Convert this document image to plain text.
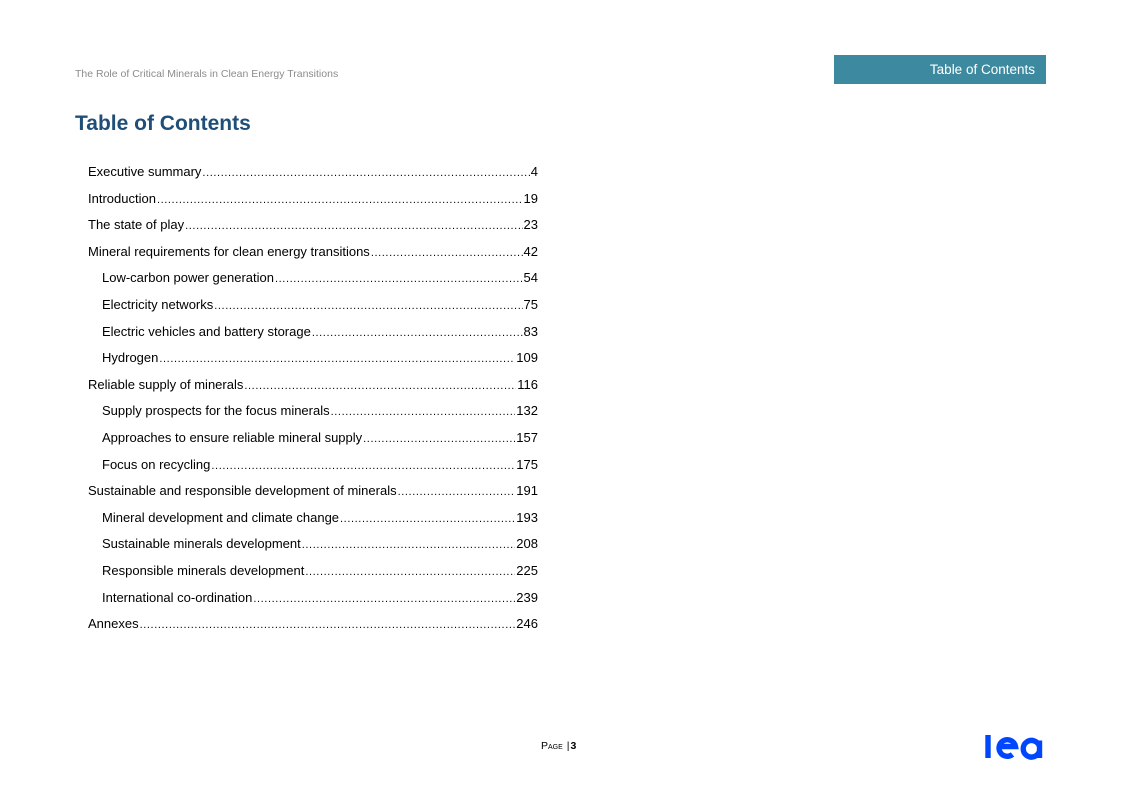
The Role of Critical Minerals in Clean Energy Transitions	Table of Contents
Table of Contents
Executive summary .....	4
Introduction .....	19
The state of play .....	23
Mineral requirements for clean energy transitions .....	42
Low-carbon power generation .....	54
Electricity networks .....	75
Electric vehicles and battery storage .....	83
Hydrogen .....	109
Reliable supply of minerals .....	116
Supply prospects for the focus minerals .....	132
Approaches to ensure reliable mineral supply .....	157
Focus on recycling .....	175
Sustainable and responsible development of minerals .....	191
Mineral development and climate change .....	193
Sustainable minerals development .....	208
Responsible minerals development .....	225
International co-ordination .....	239
Annexes .....	246
Page |3
